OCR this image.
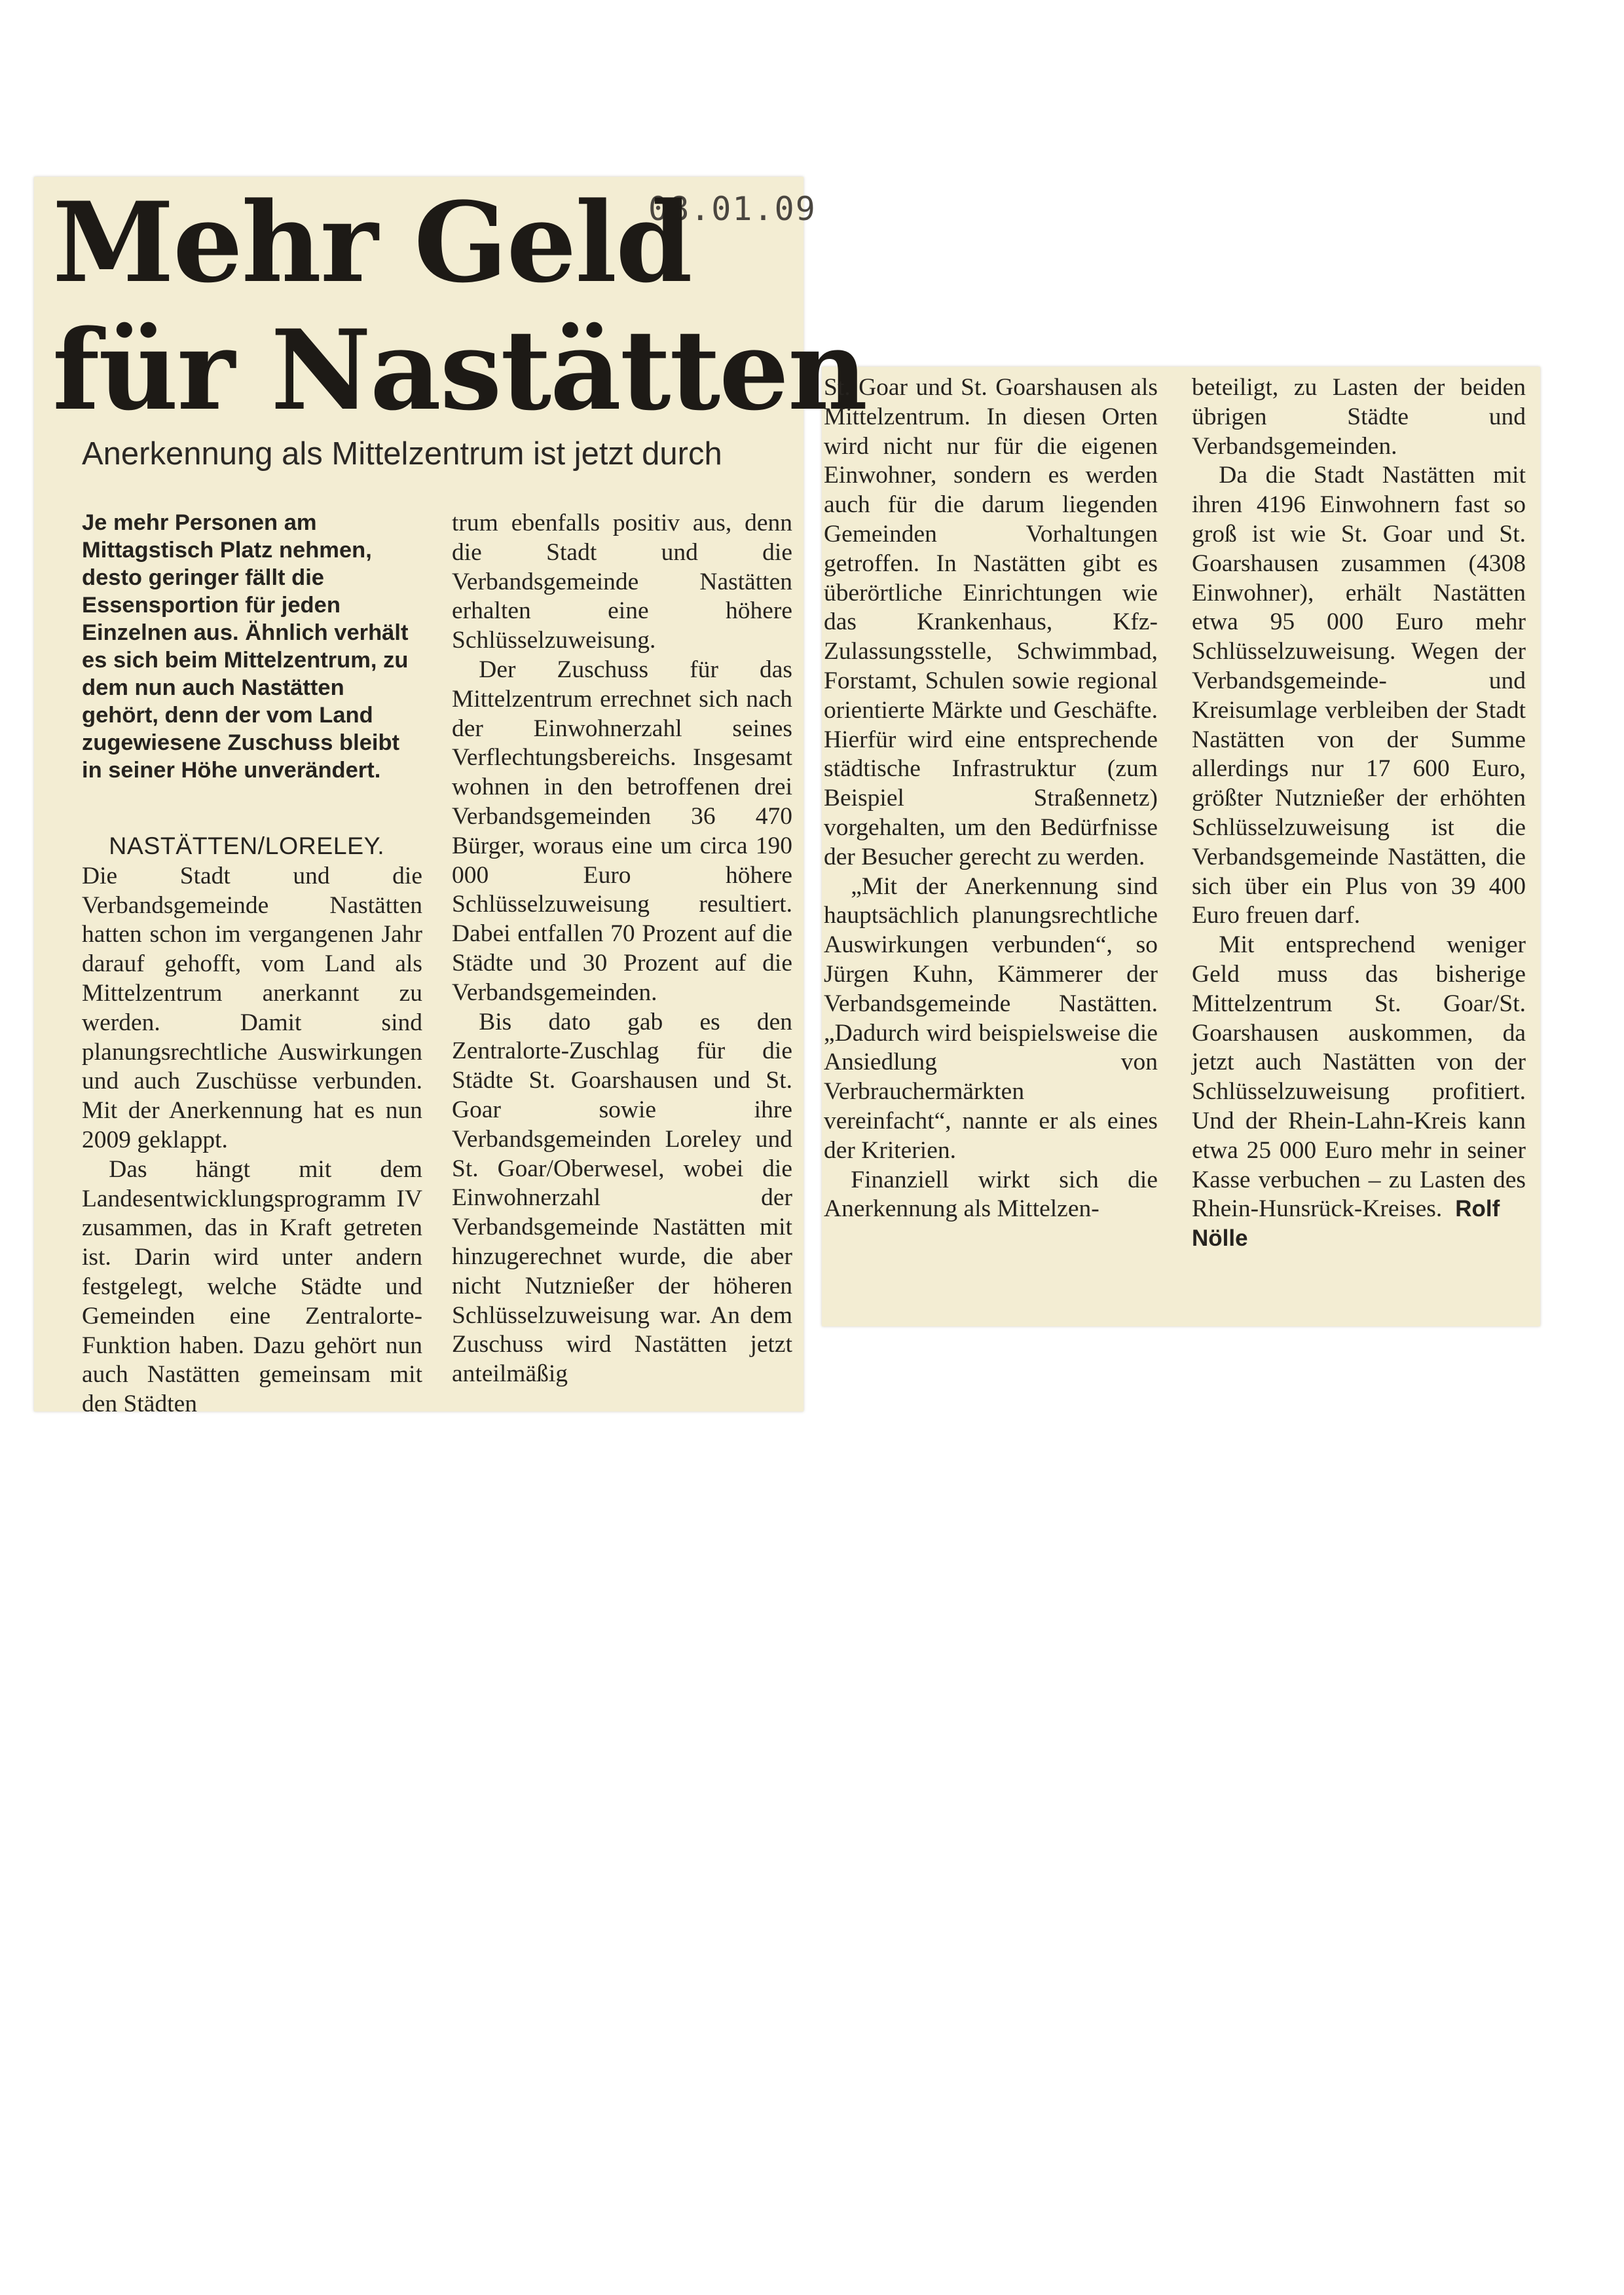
08.01.09
Mehr Geld
für Nastätten
Anerkennung als Mittelzentrum ist jetzt durch

Je mehr Personen am Mittagstisch Platz nehmen, desto geringer fällt die Essensportion für jeden Einzelnen aus. Ähnlich verhält es sich beim Mittelzentrum, zu dem nun auch Nastätten gehört, denn der vom Land zugewiesene Zuschuss bleibt in seiner Höhe unverändert.

NASTÄTTEN/LORELEY. Die Stadt und die Verbandsgemeinde Nastätten hatten schon im vergangenen Jahr darauf gehofft, vom Land als Mittelzentrum anerkannt zu werden. Damit sind planungsrechtliche Auswirkungen und auch Zuschüsse verbunden. Mit der Anerkennung hat es nun 2009 geklappt.

Das hängt mit dem Landesentwicklungsprogramm IV zusammen, das in Kraft getreten ist. Darin wird unter andern festgelegt, welche Städte und Gemeinden eine Zentralorte-Funktion haben. Dazu gehört nun auch Nastätten gemeinsam mit den Städten

trum ebenfalls positiv aus, denn die Stadt und die Verbandsgemeinde Nastätten erhalten eine höhere Schlüsselzuweisung.

Der Zuschuss für das Mittelzentrum errechnet sich nach der Einwohnerzahl seines Verflechtungsbereichs. Insgesamt wohnen in den betroffenen drei Verbandsgemeinden 36 470 Bürger, woraus eine um circa 190 000 Euro höhere Schlüsselzuweisung resultiert. Dabei entfallen 70 Prozent auf die Städte und 30 Prozent auf die Verbandsgemeinden.

Bis dato gab es den Zentralorte-Zuschlag für die Städte St. Goarshausen und St. Goar sowie ihre Verbandsgemeinden Loreley und St. Goar/Oberwesel, wobei die Einwohnerzahl der Verbandsgemeinde Nastätten mit hinzugerechnet wurde, die aber nicht Nutznießer der höheren Schlüsselzuweisung war. An dem Zuschuss wird Nastätten jetzt anteilmäßig

St. Goar und St. Goarshausen als Mittelzentrum. In diesen Orten wird nicht nur für die eigenen Einwohner, sondern es werden auch für die darum liegenden Gemeinden Vorhaltungen getroffen. In Nastätten gibt es überörtliche Einrichtungen wie das Krankenhaus, Kfz-Zulassungsstelle, Schwimmbad, Forstamt, Schulen sowie regional orientierte Märkte und Geschäfte. Hierfür wird eine entsprechende städtische Infrastruktur (zum Beispiel Straßennetz) vorgehalten, um den Bedürfnisse der Besucher gerecht zu werden.

„Mit der Anerkennung sind hauptsächlich planungsrechtliche Auswirkungen verbunden“, so Jürgen Kuhn, Kämmerer der Verbandsgemeinde Nastätten. „Dadurch wird beispielsweise die Ansiedlung von Verbrauchermärkten vereinfacht“, nannte er als eines der Kriterien.

Finanziell wirkt sich die Anerkennung als Mittelzen-

beteiligt, zu Lasten der beiden übrigen Städte und Verbandsgemeinden.

Da die Stadt Nastätten mit ihren 4196 Einwohnern fast so groß ist wie St. Goar und St. Goarshausen zusammen (4308 Einwohner), erhält Nastätten etwa 95 000 Euro mehr Schlüsselzuweisung. Wegen der Verbandsgemeinde- und Kreisumlage verbleiben der Stadt Nastätten von der Summe allerdings nur 17 600 Euro, größter Nutznießer der erhöhten Schlüsselzuweisung ist die Verbandsgemeinde Nastätten, die sich über ein Plus von 39 400 Euro freuen darf.

Mit entsprechend weniger Geld muss das bisherige Mittelzentrum St. Goar/St. Goarshausen auskommen, da jetzt auch Nastätten von der Schlüsselzuweisung profitiert. Und der Rhein-Lahn-Kreis kann etwa 25 000 Euro mehr in seiner Kasse verbuchen – zu Lasten des Rhein-Hunsrück-Kreises. Rolf Nölle
